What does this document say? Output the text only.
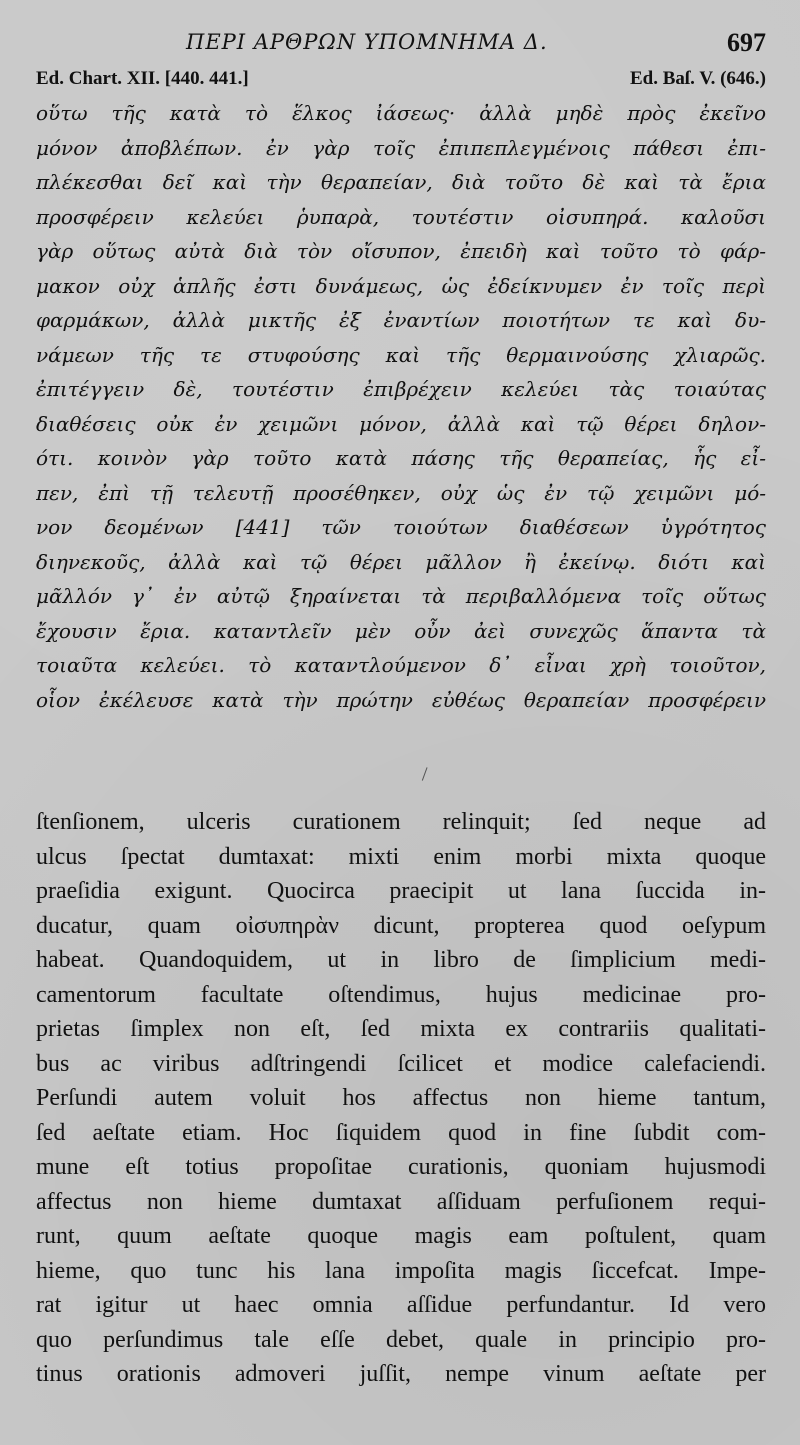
ΠΕΡΙ ΑΡΘΡΩΝ ΥΠΟΜΝΗΜΑ Δ.	697
Ed. Chart. XII. [440. 441.]	Ed. Baſ. V. (646.)
οὕτω τῆς κατὰ τὸ ἕλκος ἰάσεως· ἀλλὰ μηδὲ πρὸς ἐκεῖνο
μόνον ἀποβλέπων. ἐν γὰρ τοῖς ἐπιπεπλεγμένοις πάθεσι ἐπι-
πλέκεσθαι δεῖ καὶ τὴν θεραπείαν, διὰ τοῦτο δὲ καὶ τὰ ἔρια
προσφέρειν κελεύει ῥυπαρὰ, τουτέστιν οἰσυπηρά. καλοῦσι
γὰρ οὕτως αὐτὰ διὰ τὸν οἴσυπον, ἐπειδὴ καὶ τοῦτο τὸ φάρ-
μακον οὐχ ἁπλῆς ἐστι δυνάμεως, ὡς ἐδείκνυμεν ἐν τοῖς περὶ
φαρμάκων, ἀλλὰ μικτῆς ἐξ ἐναντίων ποιοτήτων τε καὶ δυ-
νάμεων τῆς τε στυφούσης καὶ τῆς θερμαινούσης χλιαρῶς.
ἐπιτέγγειν δὲ, τουτέστιν ἐπιβρέχειν κελεύει τὰς τοιαύτας
διαθέσεις οὐκ ἐν χειμῶνι μόνον, ἀλλὰ καὶ τῷ θέρει δηλον-
ότι. κοινὸν γὰρ τοῦτο κατὰ πάσης τῆς θεραπείας, ἧς εἶ-
πεν, ἐπὶ τῇ τελευτῇ προσέθηκεν, οὐχ ὡς ἐν τῷ χειμῶνι μό-
νον δεομένων [441] τῶν τοιούτων διαθέσεων ὑγρότητος
διηνεκοῦς, ἀλλὰ καὶ τῷ θέρει μᾶλλον ἢ ἐκείνῳ. διότι καὶ
μᾶλλόν γ᾽ ἐν αὐτῷ ξηραίνεται τὰ περιβαλλόμενα τοῖς οὕτως
ἔχουσιν ἔρια. καταντλεῖν μὲν οὖν ἀεὶ συνεχῶς ἅπαντα τὰ
τοιαῦτα κελεύει. τὸ καταντλούμενον δ᾽ εἶναι χρὴ τοιοῦτον,
οἷον ἐκέλευσε κατὰ τὴν πρώτην εὐθέως θεραπείαν προσφέρειν
ſtenſionem, ulceris curationem relinquit; ſed neque ad
ulcus ſpectat dumtaxat: mixti enim morbi mixta quoque
praeſidia exigunt. Quocirca praecipit ut lana ſuccida in-
ducatur, quam οἰσυπηρὰν dicunt, propterea quod oeſypum
habeat. Quandoquidem, ut in libro de ſimplicium medi-
camentorum facultate oſtendimus, hujus medicinae pro-
prietas ſimplex non eſt, ſed mixta ex contrariis qualitati-
bus ac viribus adſtringendi ſcilicet et modice calefaciendi.
Perſundi autem voluit hos affectus non hieme tantum,
ſed aeſtate etiam. Hoc ſiquidem quod in fine ſubdit com-
mune eſt totius propoſitae curationis, quoniam hujusmodi
affectus non hieme dumtaxat aſſiduam perfuſionem requi-
runt, quum aeſtate quoque magis eam poſtulent, quam
hieme, quo tunc his lana impoſita magis ſiccefcat. Impe-
rat igitur ut haec omnia aſſidue perfundantur. Id vero
quo perſundimus tale eſſe debet, quale in principio pro-
tinus orationis admoveri juſſit, nempe vinum aeſtate per
